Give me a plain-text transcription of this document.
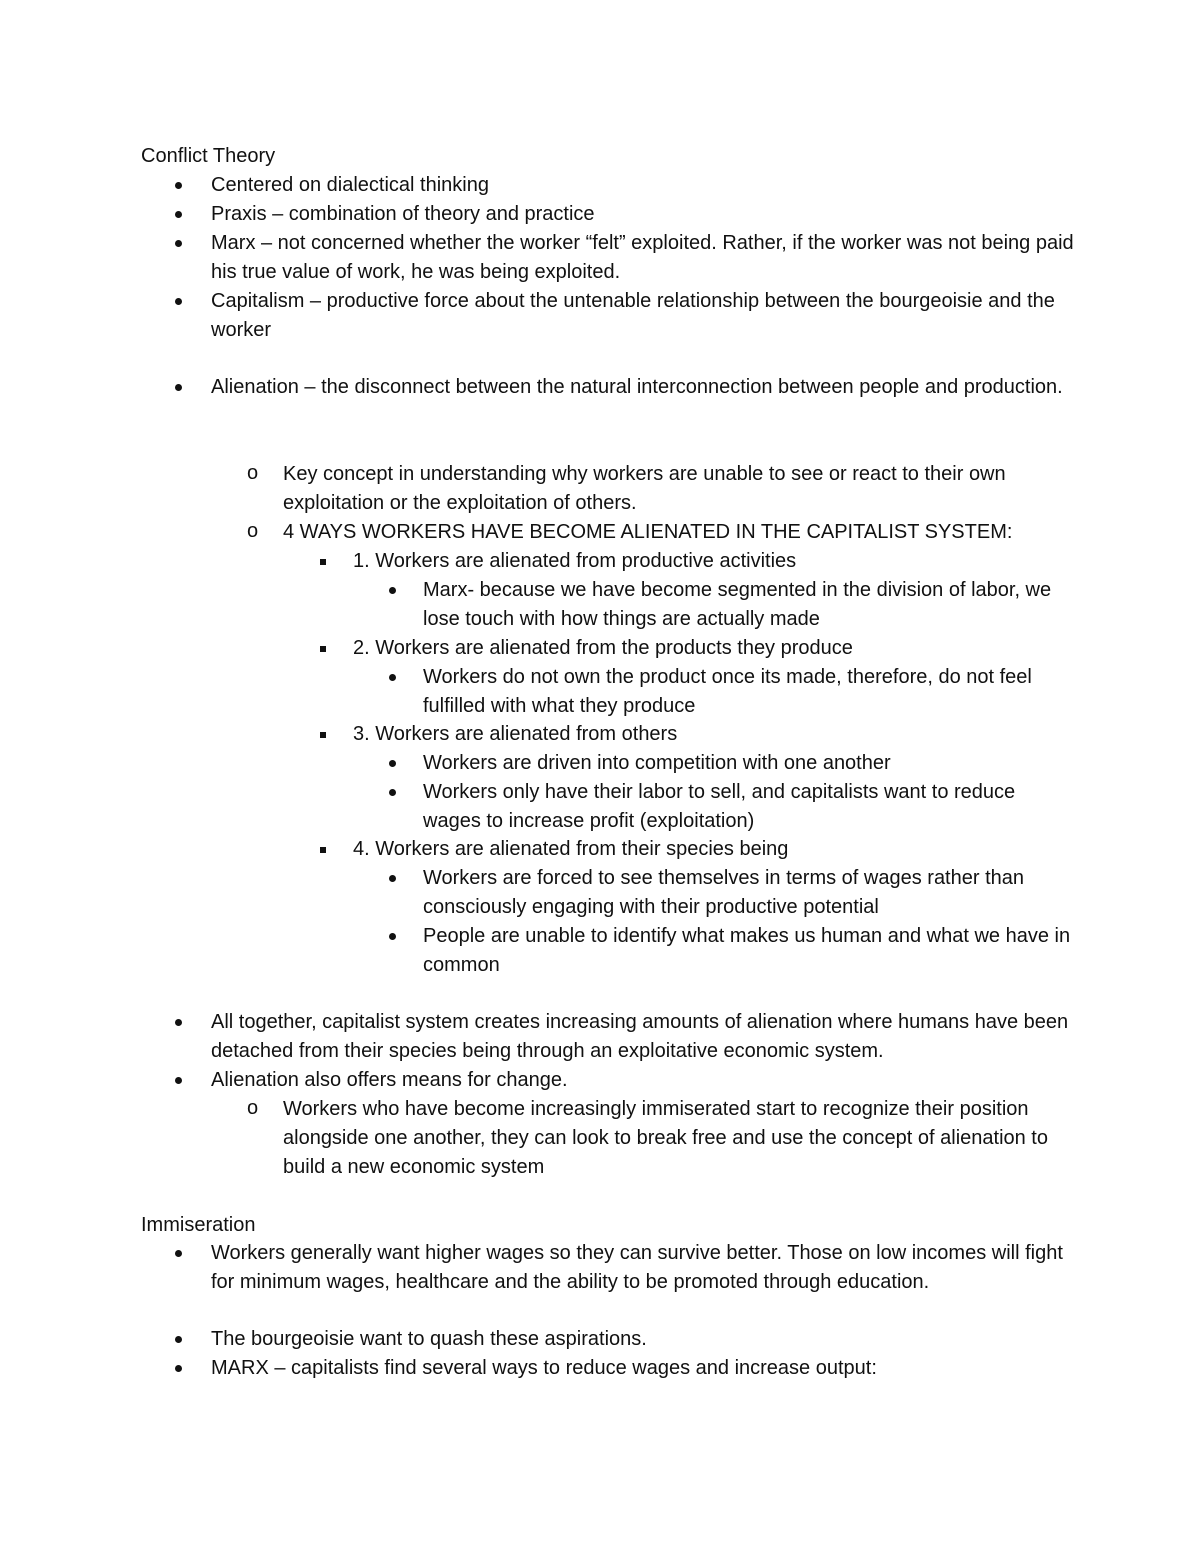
Conflict Theory
Centered on dialectical thinking
Praxis – combination of theory and practice
Marx – not concerned whether the worker “felt” exploited. Rather, if the worker was not being paid his true value of work, he was being exploited.
Capitalism – productive force about the untenable relationship between the bourgeoisie and the worker
Alienation – the disconnect between the natural interconnection between people and production.
o Key concept in understanding why workers are unable to see or react to their own exploitation or the exploitation of others.
o 4 WAYS WORKERS HAVE BECOME ALIENATED IN THE CAPITALIST SYSTEM:
1. Workers are alienated from productive activities
Marx- because we have become segmented in the division of labor, we lose touch with how things are actually made
2. Workers are alienated from the products they produce
Workers do not own the product once its made, therefore, do not feel fulfilled with what they produce
3. Workers are alienated from others
Workers are driven into competition with one another
Workers only have their labor to sell, and capitalists want to reduce wages to increase profit (exploitation)
4. Workers are alienated from their species being
Workers are forced to see themselves in terms of wages rather than consciously engaging with their productive potential
People are unable to identify what makes us human and what we have in common
All together, capitalist system creates increasing amounts of alienation where humans have been detached from their species being through an exploitative economic system.
Alienation also offers means for change.
o Workers who have become increasingly immiserated start to recognize their position alongside one another, they can look to break free and use the concept of alienation to build a new economic system
Immiseration
Workers generally want higher wages so they can survive better. Those on low incomes will fight for minimum wages, healthcare and the ability to be promoted through education.
The bourgeoisie want to quash these aspirations.
MARX – capitalists find several ways to reduce wages and increase output:
